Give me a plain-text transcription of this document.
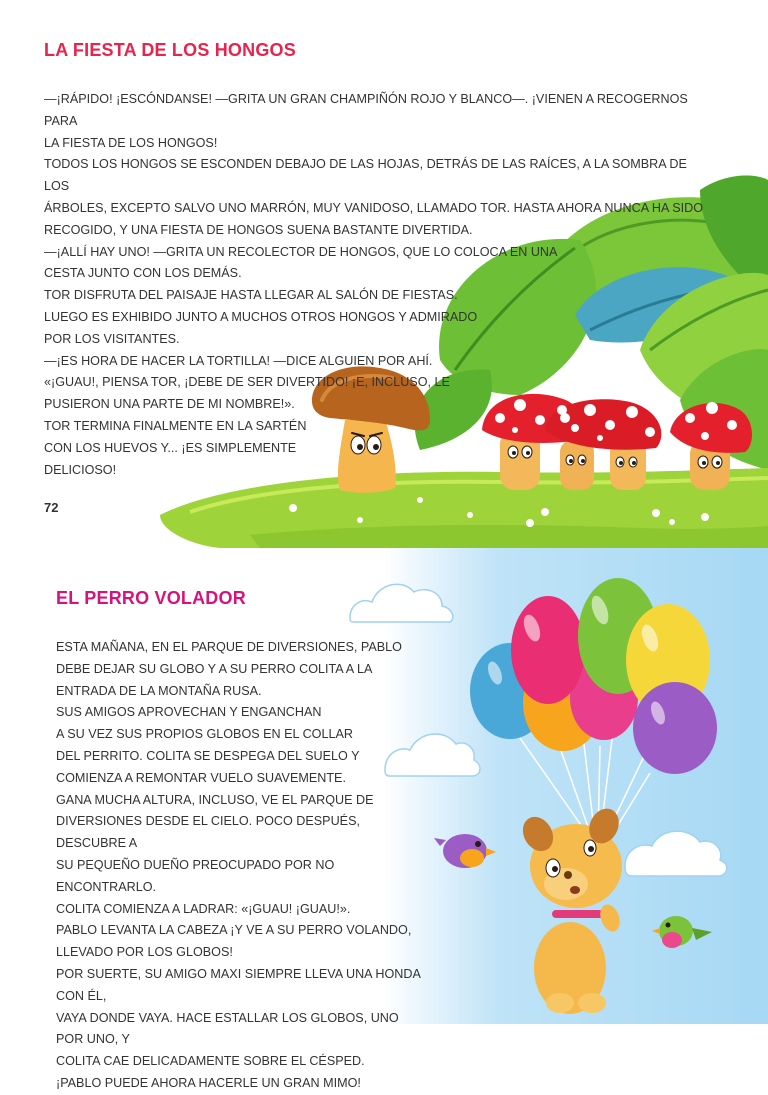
LA FIESTA DE LOS HONGOS

—¡RÁPIDO! ¡ESCÓNDANSE! —GRITA UN GRAN CHAMPIÑÓN ROJO Y BLANCO—. ¡VIENEN A RECOGERNOS PARA

LA FIESTA DE LOS HONGOS!

TODOS LOS HONGOS SE ESCONDEN DEBAJO DE LAS HOJAS, DETRÁS DE LAS RAÍCES, A LA SOMBRA DE LOS

ÁRBOLES, EXCEPTO SALVO UNO MARRÓN, MUY VANIDOSO, LLAMADO TOR. HASTA AHORA NUNCA HA SIDO

RECOGIDO, Y UNA FIESTA DE HONGOS SUENA BASTANTE DIVERTIDA.

—¡ALLÍ HAY UNO! —GRITA UN RECOLECTOR DE HONGOS, QUE LO COLOCA EN UNA

CESTA JUNTO CON LOS DEMÁS.

TOR DISFRUTA DEL PAISAJE HASTA LLEGAR AL SALÓN DE FIESTAS.

LUEGO ES EXHIBIDO JUNTO A MUCHOS OTROS HONGOS Y ADMIRADO

POR LOS VISITANTES.

—¡ES HORA DE HACER LA TORTILLA! —DICE ALGUIEN POR AHÍ.

«¡GUAU!, PIENSA TOR, ¡DEBE DE SER DIVERTIDO! ¡E, INCLUSO, LE

PUSIERON UNA PARTE DE MI NOMBRE!».

TOR TERMINA FINALMENTE EN LA SARTÉN

CON LOS HUEVOS Y... ¡ES SIMPLEMENTE

DELICIOSO!

72
EL PERRO VOLADOR

ESTA MAÑANA, EN EL PARQUE DE DIVERSIONES, PABLO

DEBE DEJAR SU GLOBO Y A SU PERRO COLITA A LA

ENTRADA DE LA MONTAÑA RUSA.

SUS AMIGOS APROVECHAN Y ENGANCHAN

A SU VEZ SUS PROPIOS GLOBOS EN EL COLLAR

DEL PERRITO. COLITA SE DESPEGA DEL SUELO Y

COMIENZA A REMONTAR VUELO SUAVEMENTE.

GANA MUCHA ALTURA, INCLUSO, VE EL PARQUE DE

DIVERSIONES DESDE EL CIELO. POCO DESPUÉS, DESCUBRE A

SU PEQUEÑO DUEÑO PREOCUPADO POR NO ENCONTRARLO.

COLITA COMIENZA A LADRAR: «¡GUAU! ¡GUAU!».

PABLO LEVANTA LA CABEZA ¡Y VE A SU PERRO VOLANDO,

LLEVADO POR LOS GLOBOS!

POR SUERTE, SU AMIGO MAXI SIEMPRE LLEVA UNA HONDA CON ÉL,

VAYA DONDE VAYA. HACE ESTALLAR LOS GLOBOS, UNO POR UNO, Y

COLITA CAE DELICADAMENTE SOBRE EL CÉSPED.

¡PABLO PUEDE AHORA HACERLE UN GRAN MIMO!
